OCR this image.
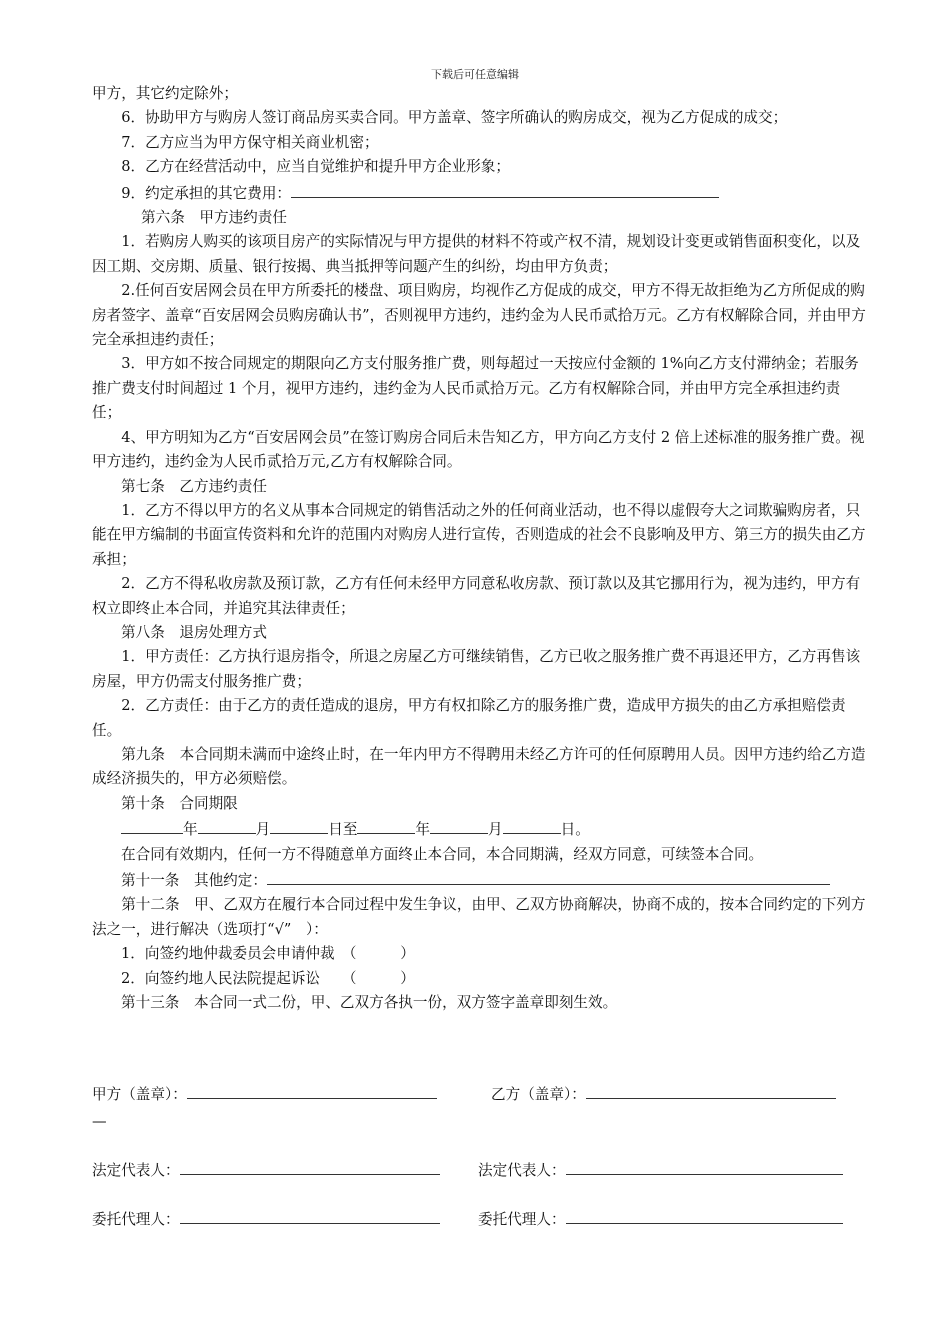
下载后可任意编辑

甲方，其它约定除外；

6．协助甲方与购房人签订商品房买卖合同。甲方盖章、签字所确认的购房成交，视为乙方促成的成交；

7．乙方应当为甲方保守相关商业机密；

8．乙方在经营活动中，应当自觉维护和提升甲方企业形象；

9．约定承担的其它费用：

第六条　甲方违约责任

1．若购房人购买的该项目房产的实际情况与甲方提供的材料不符或产权不清，规划设计变更或销售面积变化，以及因工期、交房期、质量、银行按揭、典当抵押等问题产生的纠纷，均由甲方负责；

2.任何百安居网会员在甲方所委托的楼盘、项目购房，均视作乙方促成的成交，甲方不得无故拒绝为乙方所促成的购房者签字、盖章“百安居网会员购房确认书”，否则视甲方违约，违约金为人民币贰拾万元。乙方有权解除合同，并由甲方完全承担违约责任；

3．甲方如不按合同规定的期限向乙方支付服务推广费，则每超过一天按应付金额的 1%向乙方支付滞纳金；若服务推广费支付时间超过 1 个月，视甲方违约，违约金为人民币贰拾万元。乙方有权解除合同，并由甲方完全承担违约责任；

4、甲方明知为乙方“百安居网会员”在签订购房合同后未告知乙方，甲方向乙方支付 2 倍上述标准的服务推广费。视甲方违约，违约金为人民币贰拾万元,乙方有权解除合同。

第七条　乙方违约责任

1．乙方不得以甲方的名义从事本合同规定的销售活动之外的任何商业活动，也不得以虚假夸大之词欺骗购房者，只能在甲方编制的书面宣传资料和允许的范围内对购房人进行宣传，否则造成的社会不良影响及甲方、第三方的损失由乙方承担；

2．乙方不得私收房款及预订款，乙方有任何未经甲方同意私收房款、预订款以及其它挪用行为，视为违约，甲方有权立即终止本合同，并追究其法律责任；

第八条　退房处理方式

1．甲方责任：乙方执行退房指令，所退之房屋乙方可继续销售，乙方已收之服务推广费不再退还甲方，乙方再售该房屋，甲方仍需支付服务推广费；

2．乙方责任：由于乙方的责任造成的退房，甲方有权扣除乙方的服务推广费，造成甲方损失的由乙方承担赔偿责任。

第九条　本合同期未满而中途终止时，在一年内甲方不得聘用未经乙方许可的任何原聘用人员。因甲方违约给乙方造成经济损失的，甲方必须赔偿。

第十条　合同期限

年	月	日至	年	月	日。

在合同有效期内，任何一方不得随意单方面终止本合同，本合同期满，经双方同意，可续签本合同。

第十一条　其他约定：

第十二条　甲、乙双方在履行本合同过程中发生争议，由甲、乙双方协商解决，协商不成的，按本合同约定的下列方法之一，进行解决（选项打“√”　）：

1．向签约地仲裁委员会申请仲裁　（　　　）

2．向签约地人民法院提起诉讼　　（　　　）

第十三条　本合同一式二份，甲、乙双方各执一份，双方签字盖章即刻生效。

甲方（盖章）：	乙方（盖章）：
—
法定代表人：	法定代表人：
委托代理人：	委托代理人：
